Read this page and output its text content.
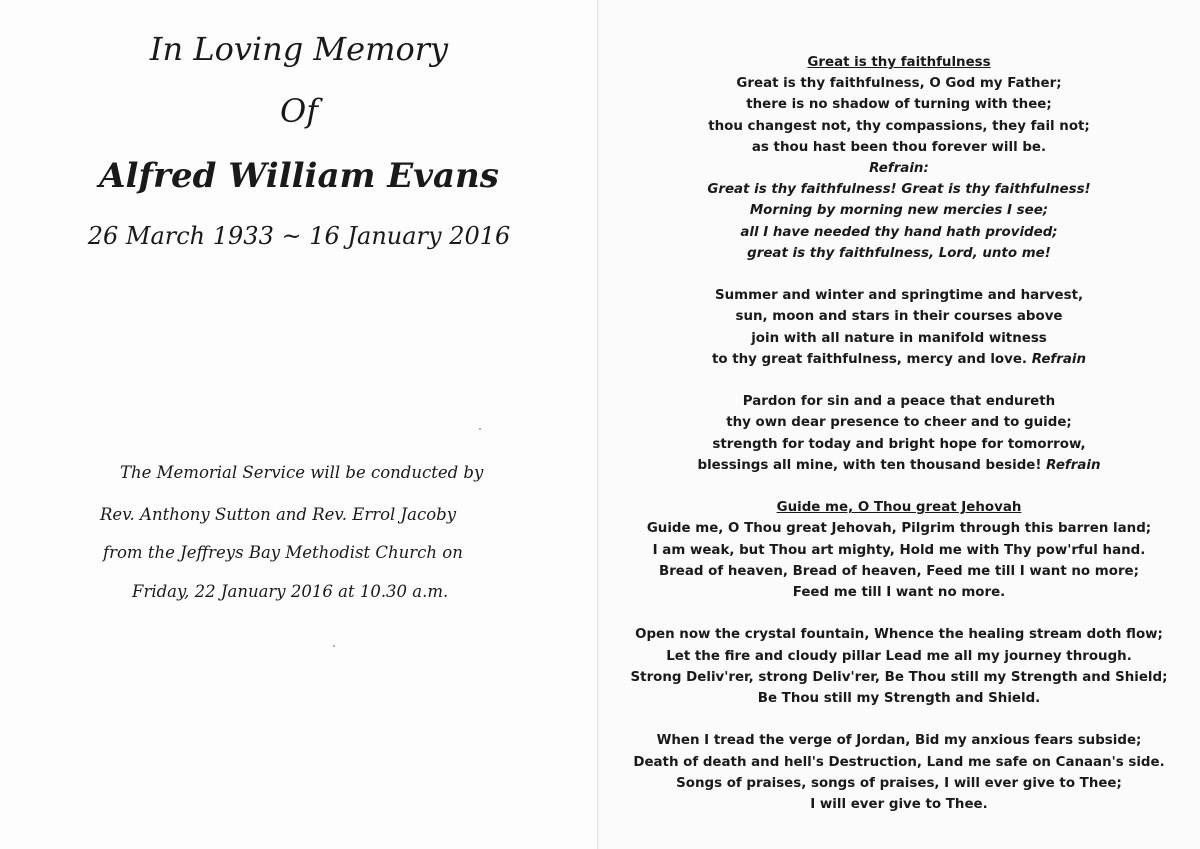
In Loving Memory

Of

Alfred William Evans

26 March 1933 ~ 16 January 2016

The Memorial Service will be conducted by

Rev. Anthony Sutton and Rev. Errol Jacoby

from the Jeffreys Bay Methodist Church on

Friday, 22 January 2016 at 10.30 a.m.

Great is thy faithfulness
Great is thy faithfulness, O God my Father;
there is no shadow of turning with thee;
thou changest not, thy compassions, they fail not;
as thou hast been thou forever will be.
Refrain:
Great is thy faithfulness! Great is thy faithfulness!
Morning by morning new mercies I see;
all I have needed thy hand hath provided;
great is thy faithfulness, Lord, unto me!
Summer and winter and springtime and harvest,
sun, moon and stars in their courses above
join with all nature in manifold witness
to thy great faithfulness, mercy and love. Refrain
Pardon for sin and a peace that endureth
thy own dear presence to cheer and to guide;
strength for today and bright hope for tomorrow,
blessings all mine, with ten thousand beside! Refrain
Guide me, O Thou great Jehovah
Guide me, O Thou great Jehovah, Pilgrim through this barren land;
I am weak, but Thou art mighty, Hold me with Thy pow'rful hand.
Bread of heaven, Bread of heaven, Feed me till I want no more;
Feed me till I want no more.
Open now the crystal fountain, Whence the healing stream doth flow;
Let the fire and cloudy pillar Lead me all my journey through.
Strong Deliv'rer, strong Deliv'rer, Be Thou still my Strength and Shield;
Be Thou still my Strength and Shield.
When I tread the verge of Jordan, Bid my anxious fears subside;
Death of death and hell's Destruction, Land me safe on Canaan's side.
Songs of praises, songs of praises, I will ever give to Thee;
I will ever give to Thee.
